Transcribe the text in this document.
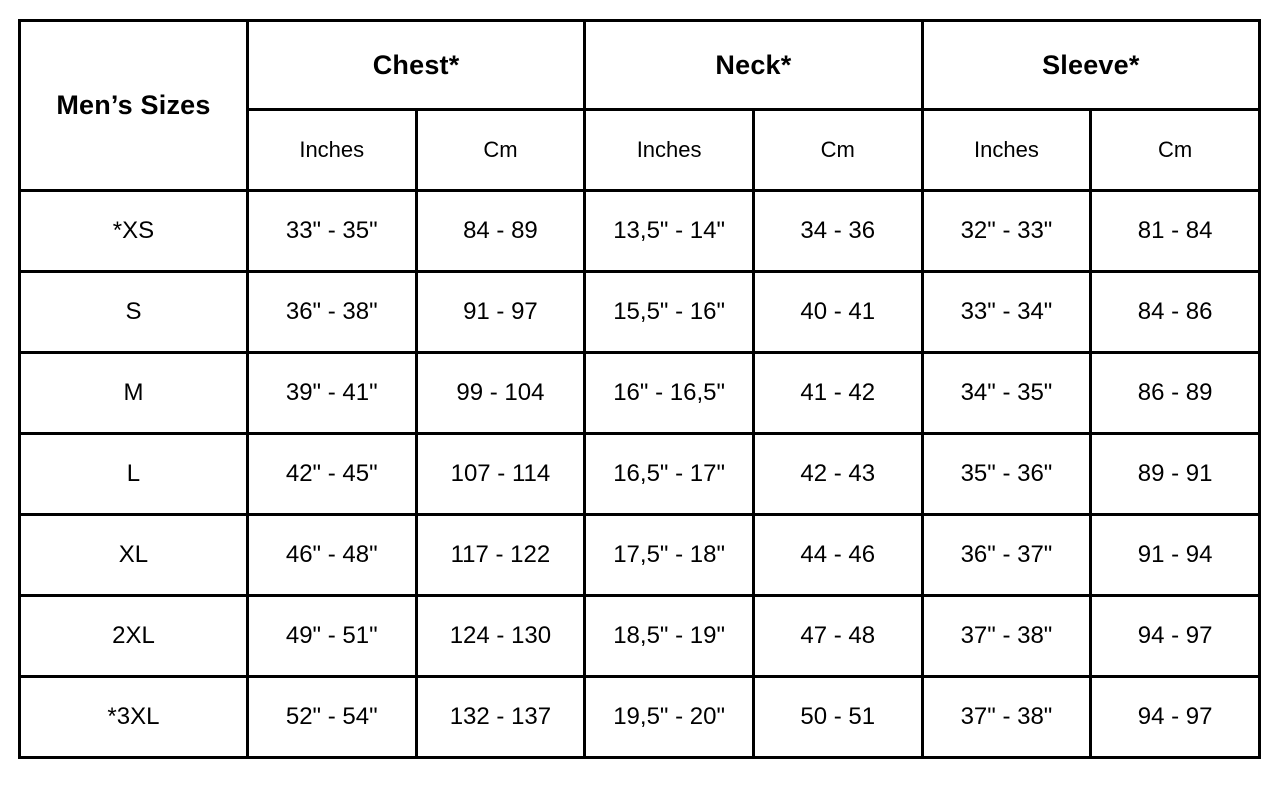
Men’s Sizes	Chest*		Neck*		Sleeve*	
	Inches	Cm	Inches	Cm	Inches	Cm
*XS	33" - 35"	84 - 89	13,5" - 14"	34 - 36	32" - 33"	81 - 84
S	36" - 38"	91 - 97	15,5" - 16"	40 - 41	33" - 34"	84 - 86
M	39" - 41"	99 - 104	16" - 16,5"	41 - 42	34" - 35"	86 - 89
L	42" - 45"	107 - 114	16,5" - 17"	42 - 43	35" - 36"	89 - 91
XL	46" - 48"	117 - 122	17,5" - 18"	44 - 46	36" - 37"	91 - 94
2XL	49" - 51"	124 - 130	18,5" - 19"	47 - 48	37" - 38"	94 - 97
*3XL	52" - 54"	132 - 137	19,5" - 20"	50 - 51	37" - 38"	94 - 97
